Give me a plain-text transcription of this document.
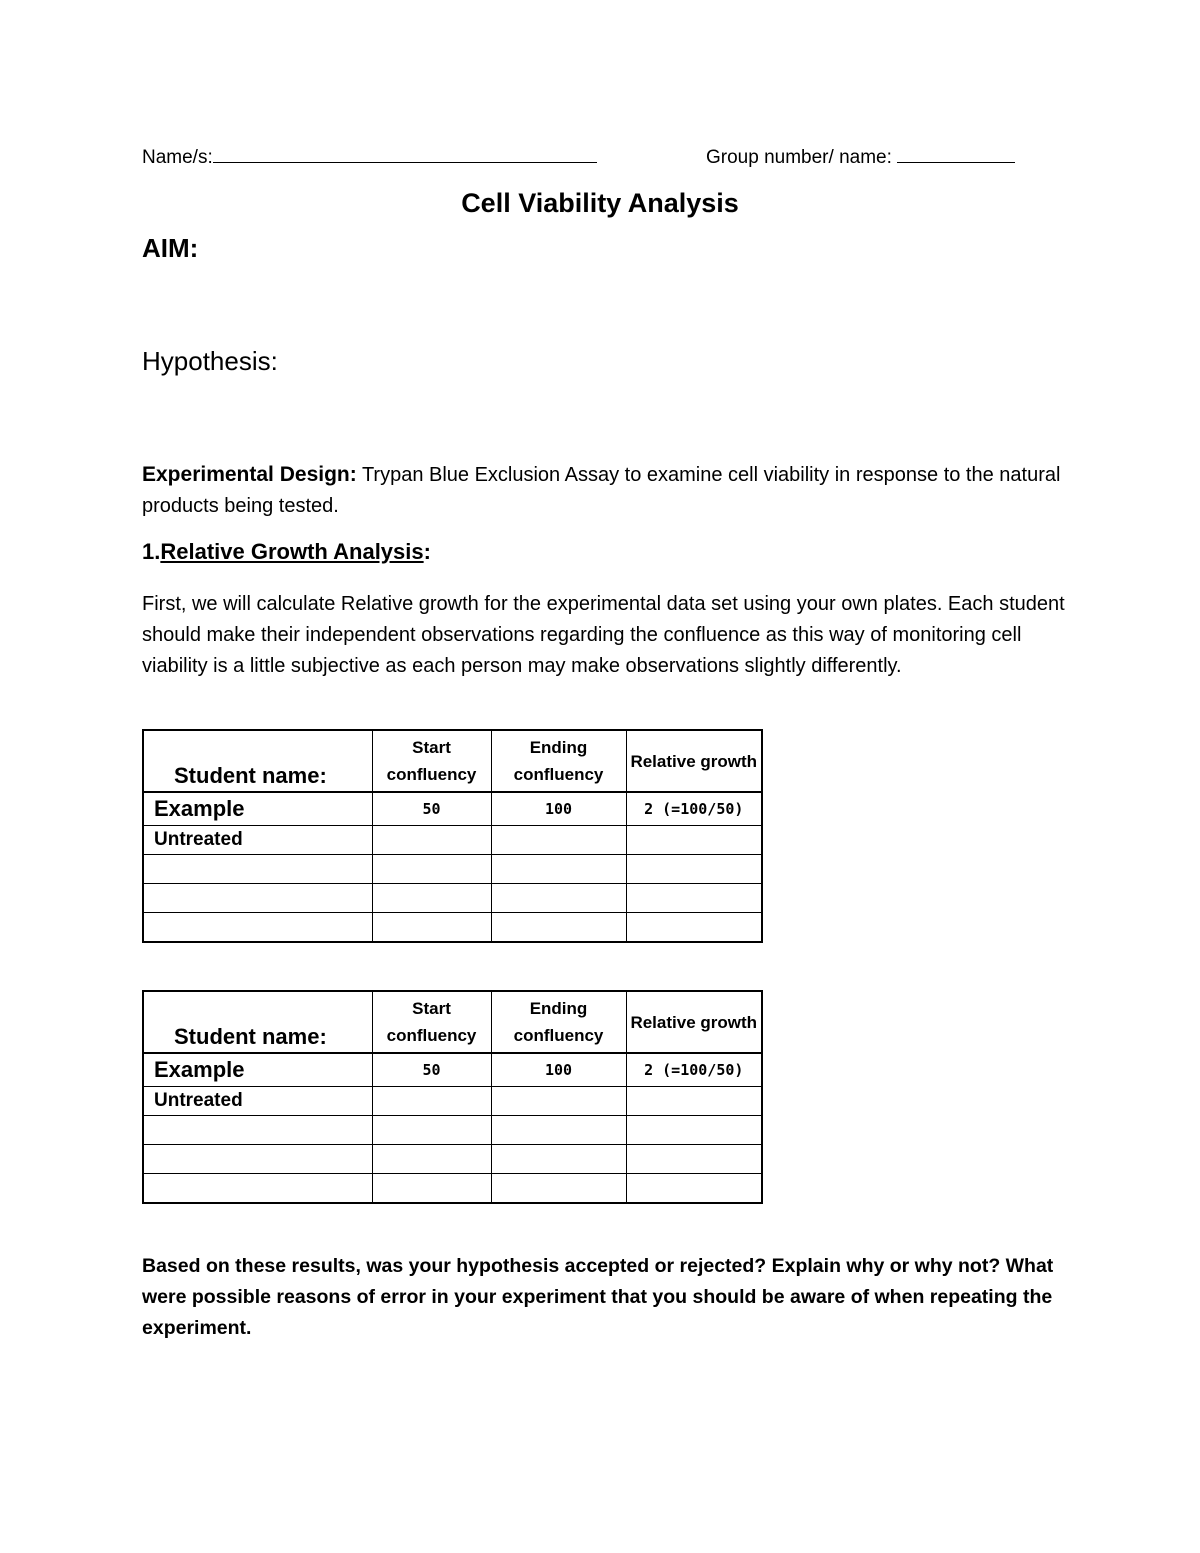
Name/s:	Group number/ name:
Cell Viability Analysis
AIM:
Hypothesis:
Experimental Design: Trypan Blue Exclusion Assay to examine cell viability in response to the natural products being tested.
1.Relative Growth Analysis:
First, we will calculate Relative growth for the experimental data set using your own plates. Each student should make their independent observations regarding the confluence as this way of monitoring cell viability is a little subjective as each person may make observations slightly differently.
Student name:	Start confluency	Ending confluency	Relative growth
Example	50	100	2 (=100/50)
Untreated			

Student name:	Start confluency	Ending confluency	Relative growth
Example	50	100	2 (=100/50)
Untreated			

Based on these results, was your hypothesis accepted or rejected? Explain why or why not? What were possible reasons of error in your experiment that you should be aware of when repeating the experiment.
